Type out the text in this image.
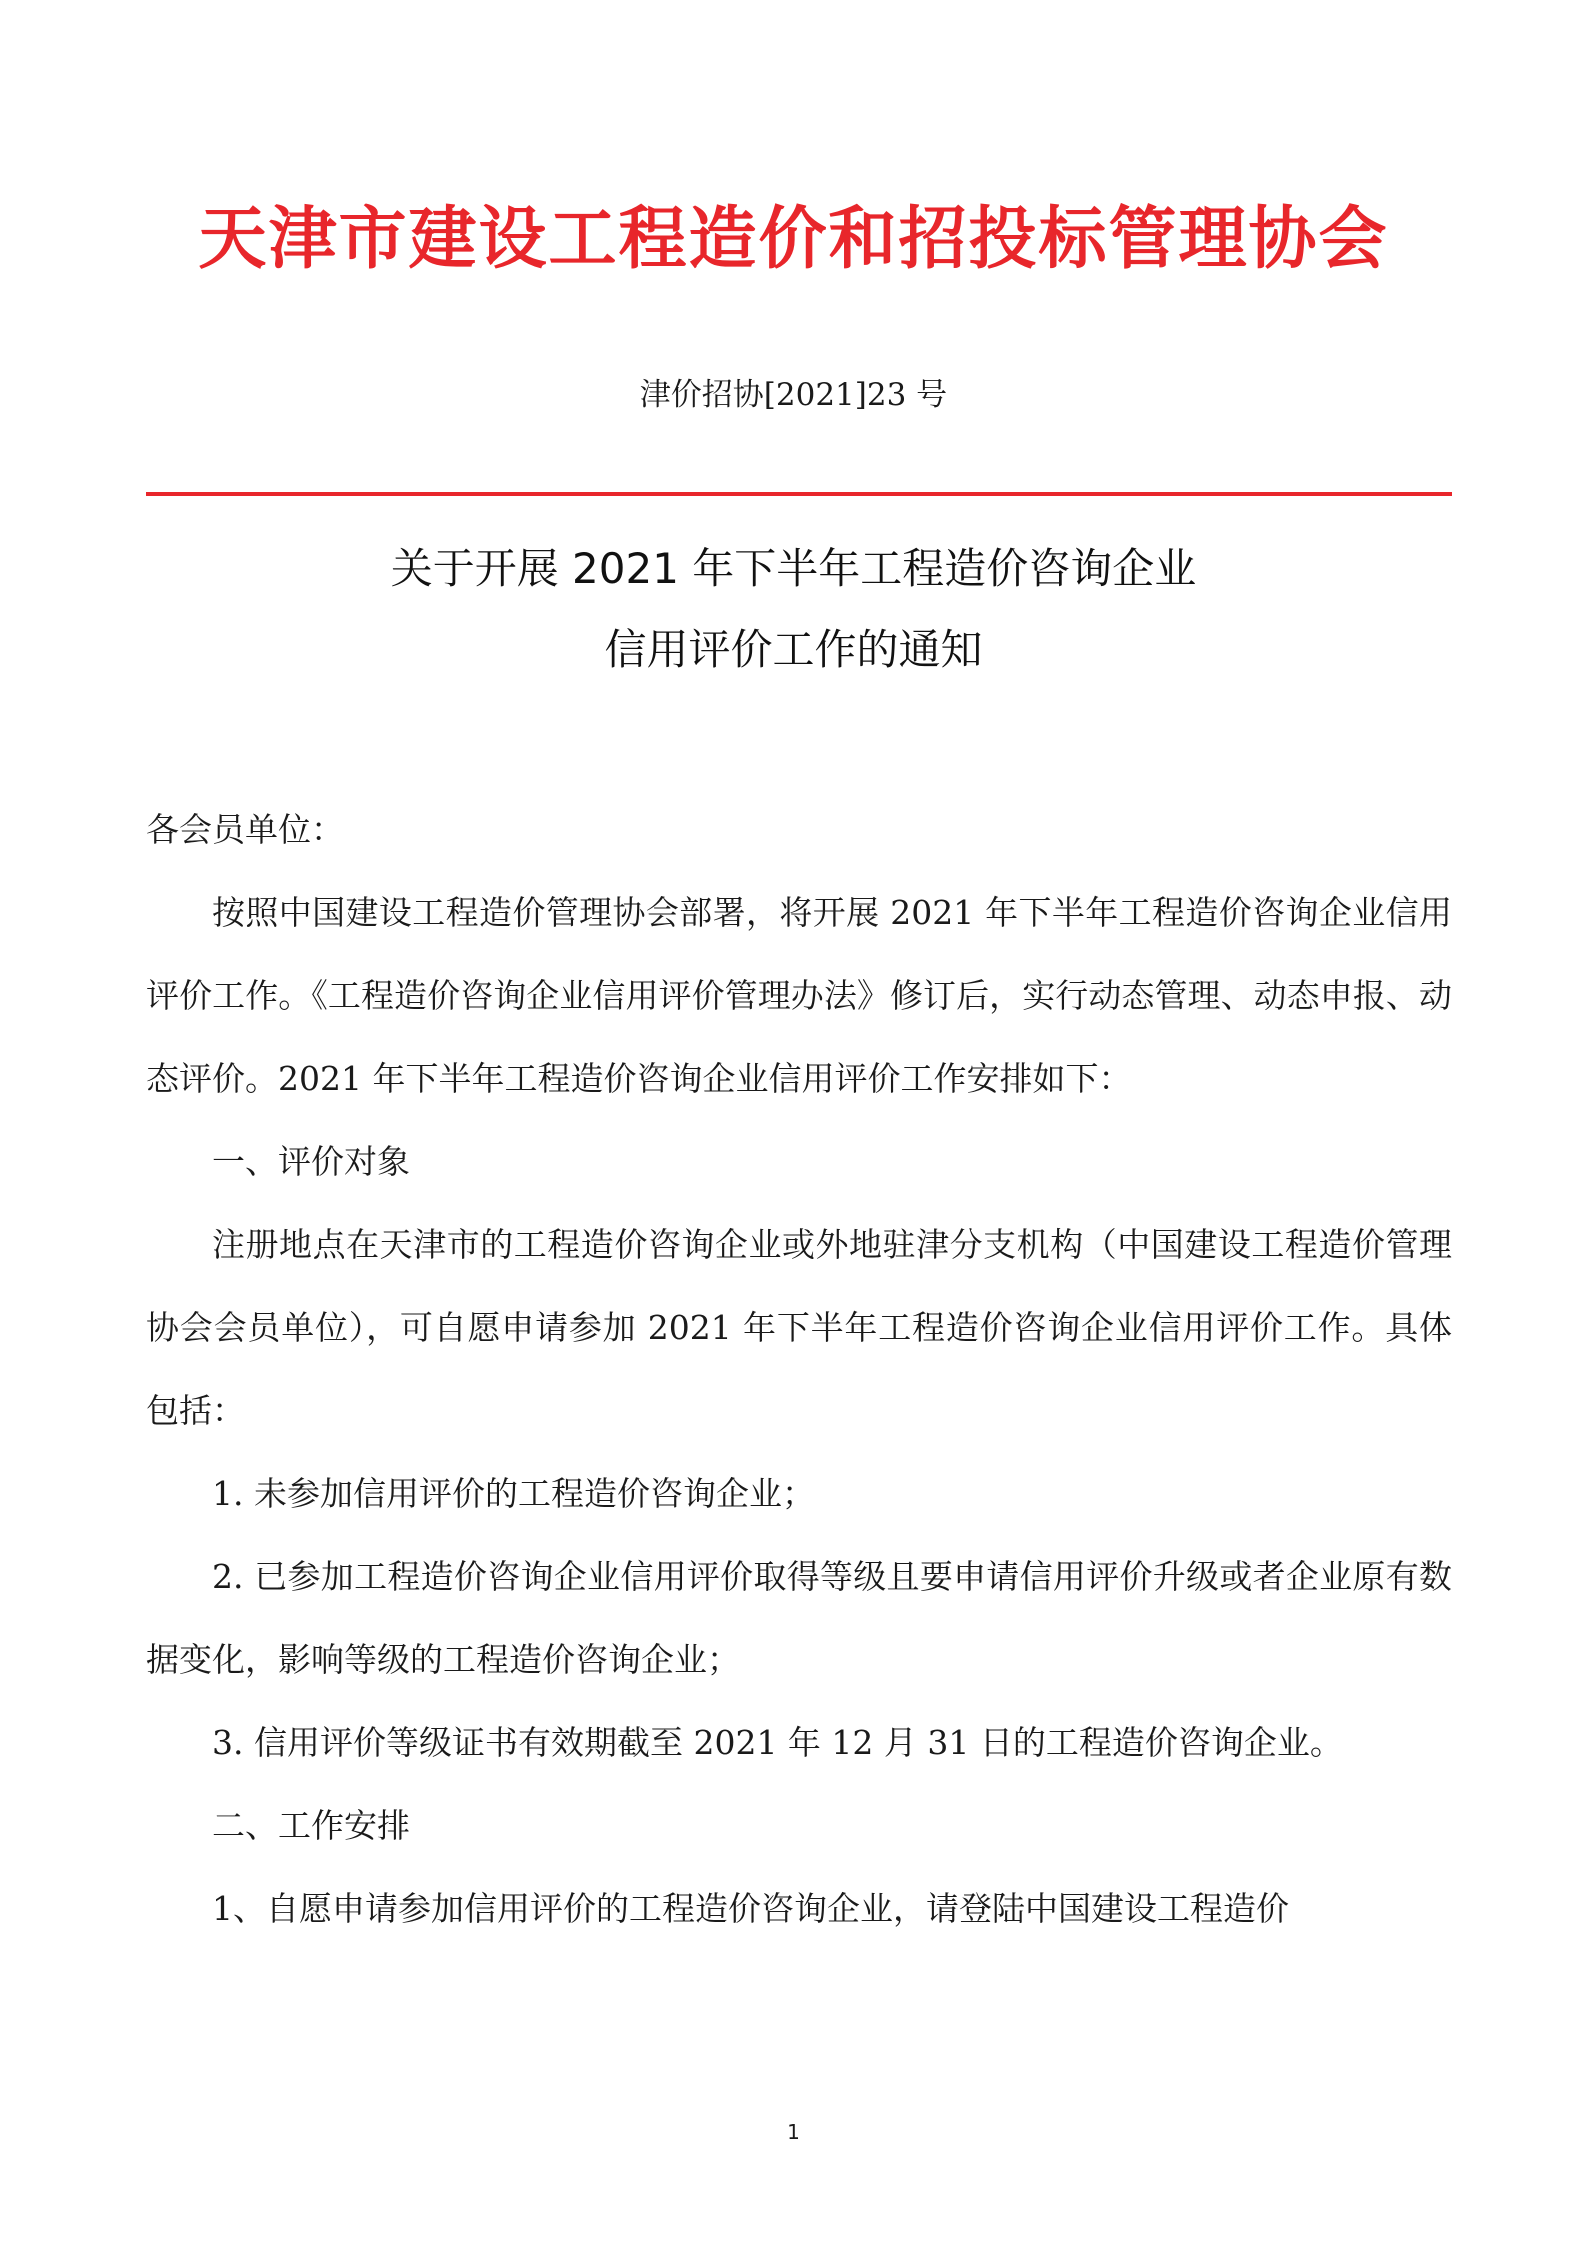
天津市建设工程造价和招投标管理协会
津价招协[2021]23 号
关于开展 2021 年下半年工程造价咨询企业
信用评价工作的通知

各会员单位：

按照中国建设工程造价管理协会部署，将开展 2021 年下半年工程造价咨询企业信用评价工作。《工程造价咨询企业信用评价管理办法》修订后，实行动态管理、动态申报、动态评价。2021 年下半年工程造价咨询企业信用评价工作安排如下：

一、评价对象

注册地点在天津市的工程造价咨询企业或外地驻津分支机构（中国建设工程造价管理协会会员单位），可自愿申请参加 2021 年下半年工程造价咨询企业信用评价工作。具体包括：

1. 未参加信用评价的工程造价咨询企业；

2. 已参加工程造价咨询企业信用评价取得等级且要申请信用评价升级或者企业原有数据变化，影响等级的工程造价咨询企业；

3. 信用评价等级证书有效期截至 2021 年 12 月 31 日的工程造价咨询企业。

二、工作安排

1、自愿申请参加信用评价的工程造价咨询企业，请登陆中国建设工程造价

1
